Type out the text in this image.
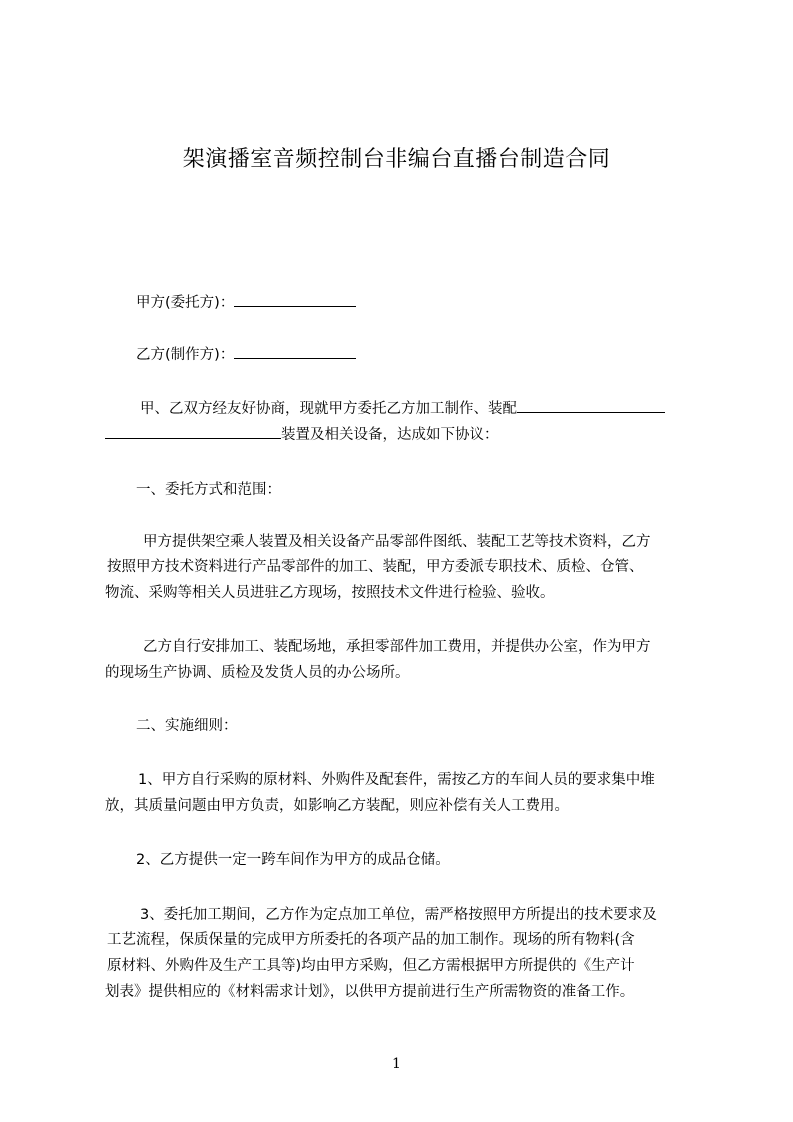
架演播室音频控制台非编台直播台制造合同
甲方(委托方)：
乙方(制作方)：
甲、乙双方经友好协商，现就甲方委托乙方加工制作、装配
装置及相关设备，达成如下协议：
一、委托方式和范围：
甲方提供架空乘人装置及相关设备产品零部件图纸、装配工艺等技术资料，乙方
按照甲方技术资料进行产品零部件的加工、装配，甲方委派专职技术、质检、仓管、
物流、采购等相关人员进驻乙方现场，按照技术文件进行检验、验收。
乙方自行安排加工、装配场地，承担零部件加工费用，并提供办公室，作为甲方
的现场生产协调、质检及发货人员的办公场所。
二、实施细则：
1、甲方自行采购的原材料、外购件及配套件，需按乙方的车间人员的要求集中堆
放，其质量问题由甲方负责，如影响乙方装配，则应补偿有关人工费用。
2、乙方提供一定一跨车间作为甲方的成品仓储。
3、委托加工期间，乙方作为定点加工单位，需严格按照甲方所提出的技术要求及
工艺流程，保质保量的完成甲方所委托的各项产品的加工制作。现场的所有物料(含
原材料、外购件及生产工具等)均由甲方采购，但乙方需根据甲方所提供的《生产计
划表》提供相应的《材料需求计划》，以供甲方提前进行生产所需物资的准备工作。
1
